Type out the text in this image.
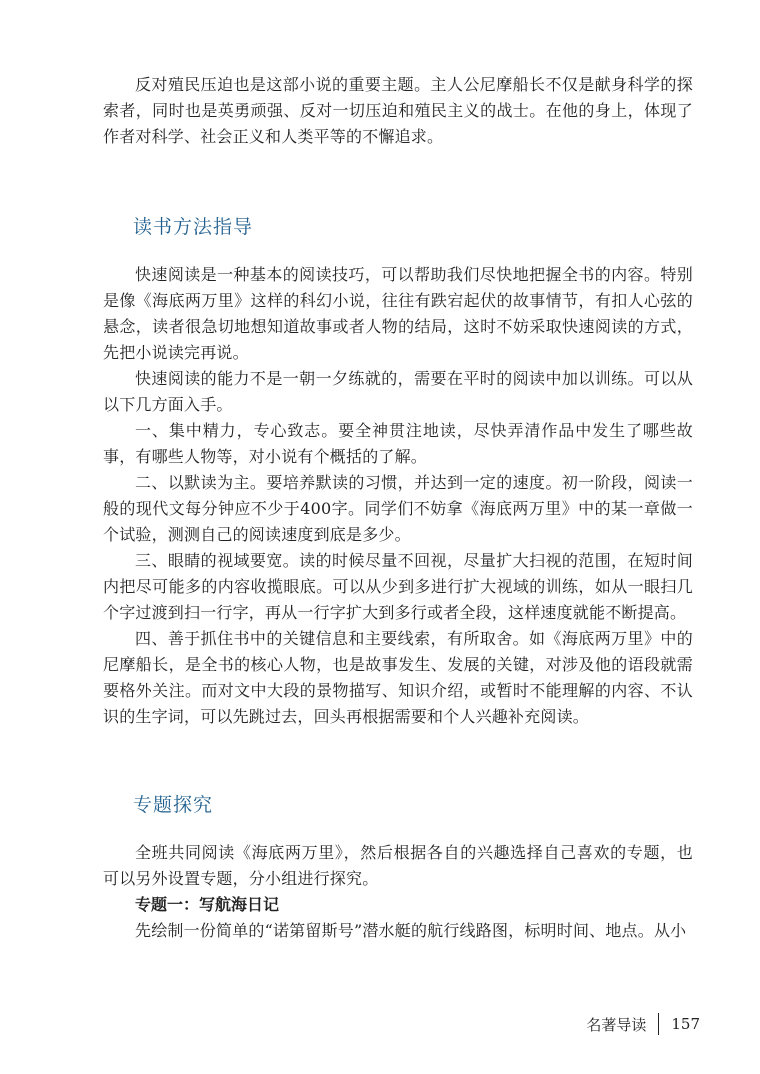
反对殖民压迫也是这部小说的重要主题。主人公尼摩船长不仅是献身科学的探索者，同时也是英勇顽强、反对一切压迫和殖民主义的战士。在他的身上，体现了作者对科学、社会正义和人类平等的不懈追求。

读书方法指导

快速阅读是一种基本的阅读技巧，可以帮助我们尽快地把握全书的内容。特别是像《海底两万里》这样的科幻小说，往往有跌宕起伏的故事情节，有扣人心弦的悬念，读者很急切地想知道故事或者人物的结局，这时不妨采取快速阅读的方式，先把小说读完再说。

快速阅读的能力不是一朝一夕练就的，需要在平时的阅读中加以训练。可以从以下几方面入手。

一、集中精力，专心致志。要全神贯注地读，尽快弄清作品中发生了哪些故事，有哪些人物等，对小说有个概括的了解。

二、以默读为主。要培养默读的习惯，并达到一定的速度。初一阶段，阅读一般的现代文每分钟应不少于400字。同学们不妨拿《海底两万里》中的某一章做一个试验，测测自己的阅读速度到底是多少。

三、眼睛的视域要宽。读的时候尽量不回视，尽量扩大扫视的范围，在短时间内把尽可能多的内容收揽眼底。可以从少到多进行扩大视域的训练，如从一眼扫几个字过渡到扫一行字，再从一行字扩大到多行或者全段，这样速度就能不断提高。

四、善于抓住书中的关键信息和主要线索，有所取舍。如《海底两万里》中的尼摩船长，是全书的核心人物，也是故事发生、发展的关键，对涉及他的语段就需要格外关注。而对文中大段的景物描写、知识介绍，或暂时不能理解的内容、不认识的生字词，可以先跳过去，回头再根据需要和个人兴趣补充阅读。

专题探究

全班共同阅读《海底两万里》，然后根据各自的兴趣选择自己喜欢的专题，也可以另外设置专题，分小组进行探究。

专题一：写航海日记

先绘制一份简单的“诺第留斯号”潜水艇的航行线路图，标明时间、地点。从小

名著导读 157
